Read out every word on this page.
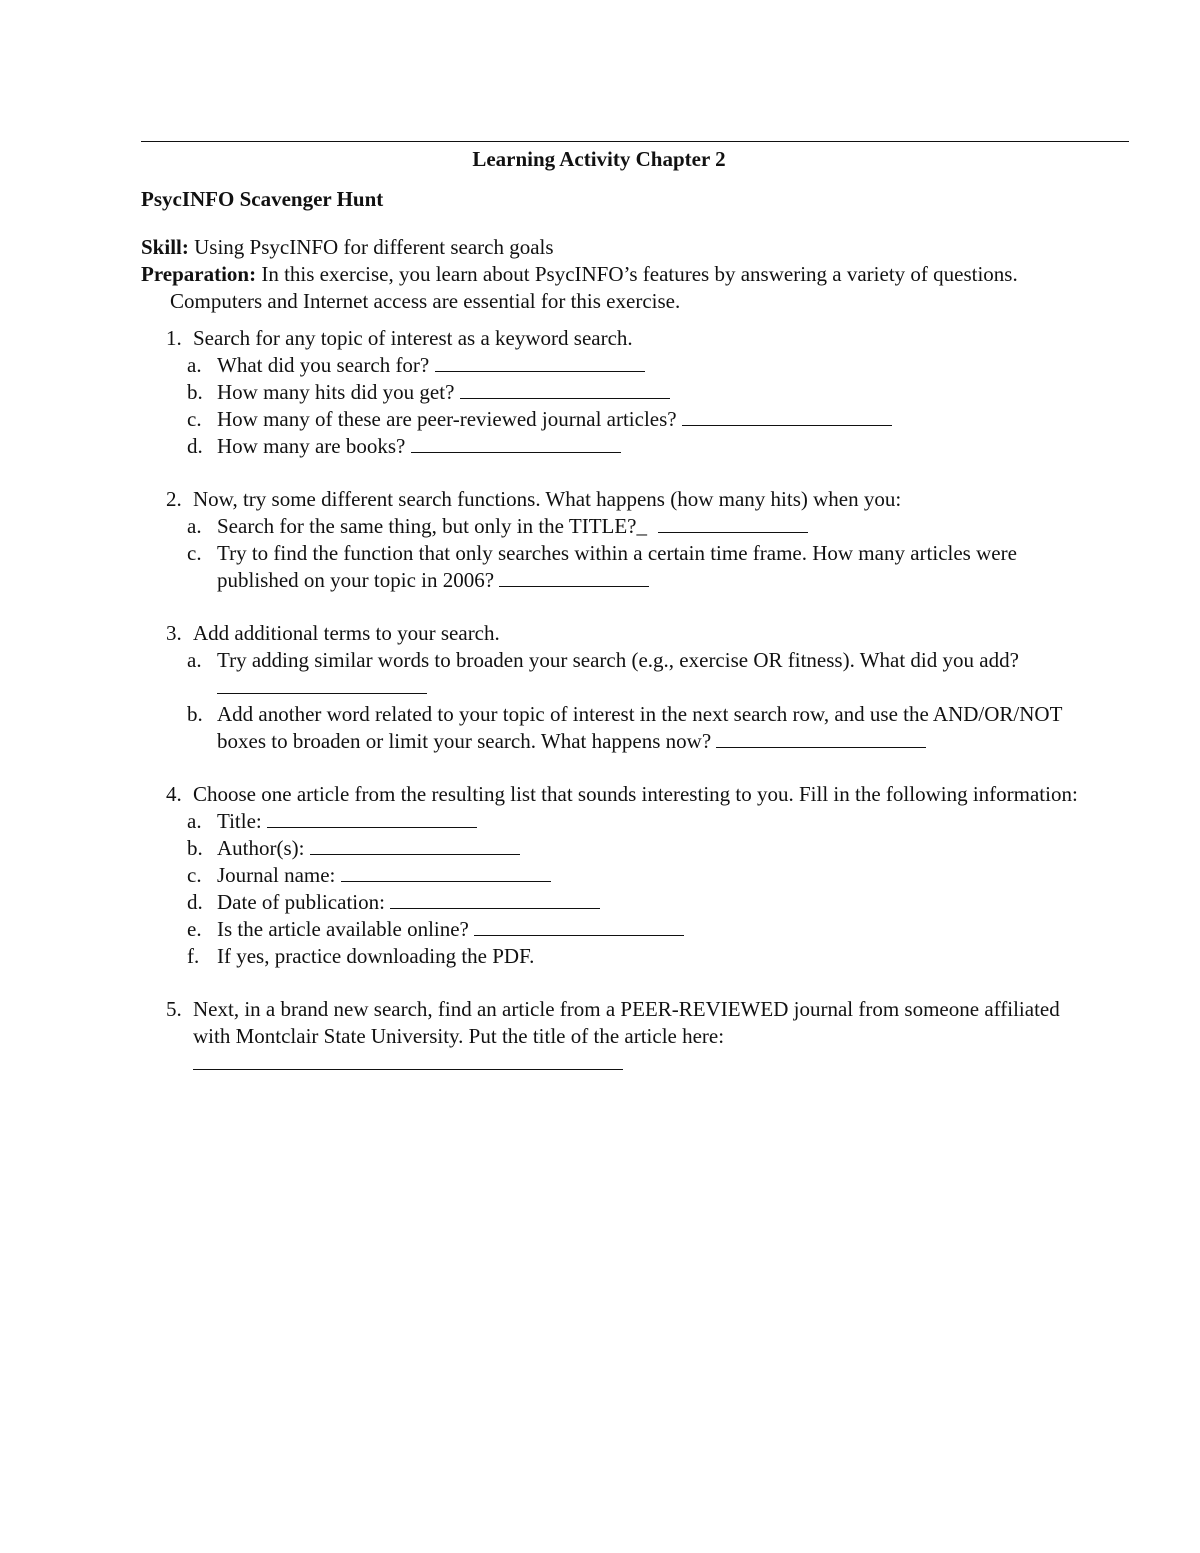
Learning Activity Chapter 2
PsycINFO Scavenger Hunt
Skill: Using PsycINFO for different search goals
Preparation: In this exercise, you learn about PsycINFO’s features by answering a variety of questions. Computers and Internet access are essential for this exercise.
1. Search for any topic of interest as a keyword search.
a. What did you search for?
b. How many hits did you get?
c. How many of these are peer-reviewed journal articles?
d. How many are books?
2. Now, try some different search functions. What happens (how many hits) when you:
a. Search for the same thing, but only in the TITLE?_
c. Try to find the function that only searches within a certain time frame. How many articles were published on your topic in 2006?
3. Add additional terms to your search.
a. Try adding similar words to broaden your search (e.g., exercise OR fitness). What did you add?
b. Add another word related to your topic of interest in the next search row, and use the AND/OR/NOT boxes to broaden or limit your search. What happens now?
4. Choose one article from the resulting list that sounds interesting to you. Fill in the following information:
a. Title:
b. Author(s):
c. Journal name:
d. Date of publication:
e. Is the article available online?
f. If yes, practice downloading the PDF.
5. Next, in a brand new search, find an article from a PEER-REVIEWED journal from someone affiliated with Montclair State University. Put the title of the article here:
